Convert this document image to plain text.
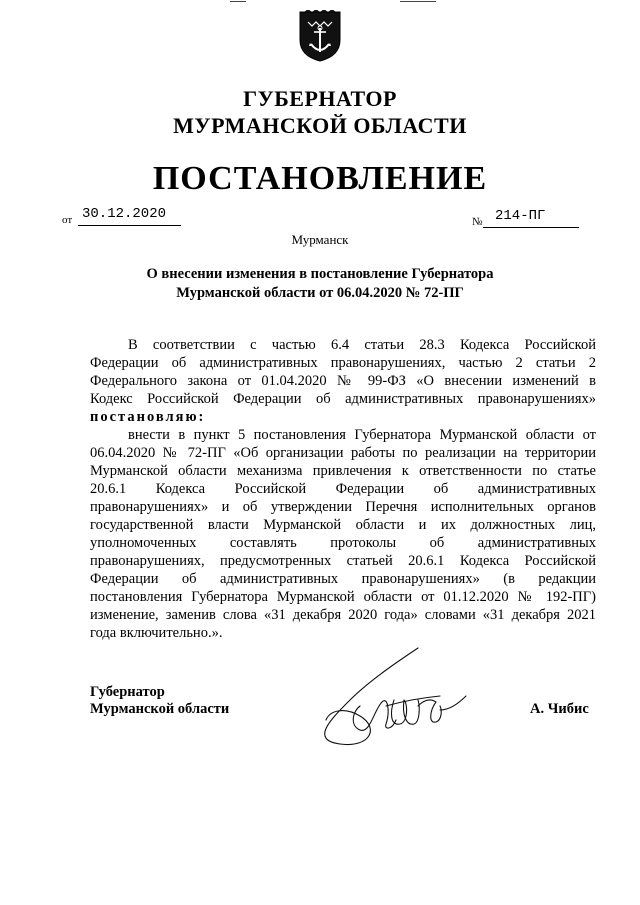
ГУБЕРНАТОР
МУРМАНСКОЙ ОБЛАСТИ
ПОСТАНОВЛЕНИЕ
от 30.12.2020	№ 214-ПГ
Мурманск
О внесении изменения в постановление Губернатора
Мурманской области от 06.04.2020 № 72-ПГ
В соответствии с частью 6.4 статьи 28.3 Кодекса Российской
Федерации об административных правонарушениях, частью 2 статьи 2
Федерального закона от 01.04.2020 № 99-ФЗ «О внесении изменений в
Кодекс Российской Федерации об административных правонарушениях»
постановляю:
внести в пункт 5 постановления Губернатора Мурманской области от
06.04.2020 № 72-ПГ «Об организации работы по реализации на территории
Мурманской области механизма привлечения к ответственности по статье
20.6.1 Кодекса Российской Федерации об административных
правонарушениях» и об утверждении Перечня исполнительных органов
государственной власти Мурманской области и их должностных лиц,
уполномоченных составлять протоколы об административных
правонарушениях, предусмотренных статьей 20.6.1 Кодекса Российской
Федерации об административных правонарушениях» (в редакции
постановления Губернатора Мурманской области от 01.12.2020 № 192-ПГ)
изменение, заменив слова «31 декабря 2020 года» словами «31 декабря 2021
года включительно.».
Губернатор
Мурманской области	А. Чибис
